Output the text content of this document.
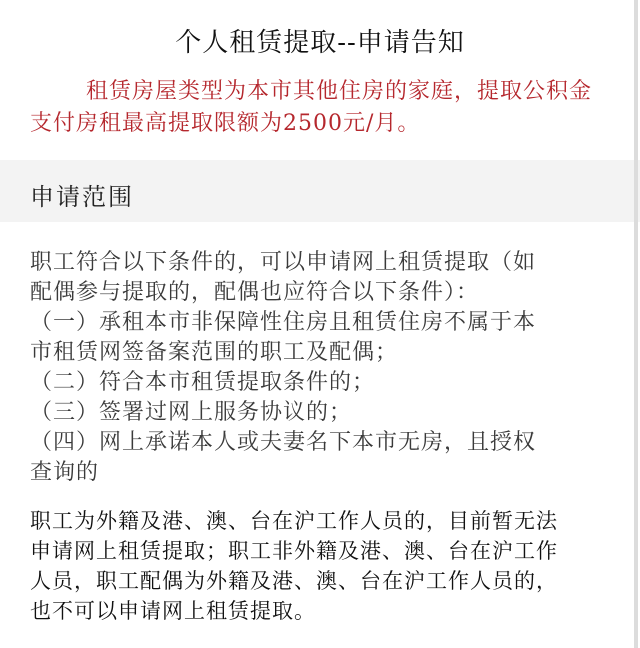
个人租赁提取--申请告知
租赁房屋类型为本市其他住房的家庭，提取公积金
支付房租最高提取限额为2500元/月。
申请范围
职工符合以下条件的，可以申请网上租赁提取（如
配偶参与提取的，配偶也应符合以下条件）：
（一）承租本市非保障性住房且租赁住房不属于本
市租赁网签备案范围的职工及配偶；
（二）符合本市租赁提取条件的；
（三）签署过网上服务协议的；
（四）网上承诺本人或夫妻名下本市无房，且授权
查询的
职工为外籍及港、澳、台在沪工作人员的，目前暂无法
申请网上租赁提取；职工非外籍及港、澳、台在沪工作
人员，职工配偶为外籍及港、澳、台在沪工作人员的，
也不可以申请网上租赁提取。
